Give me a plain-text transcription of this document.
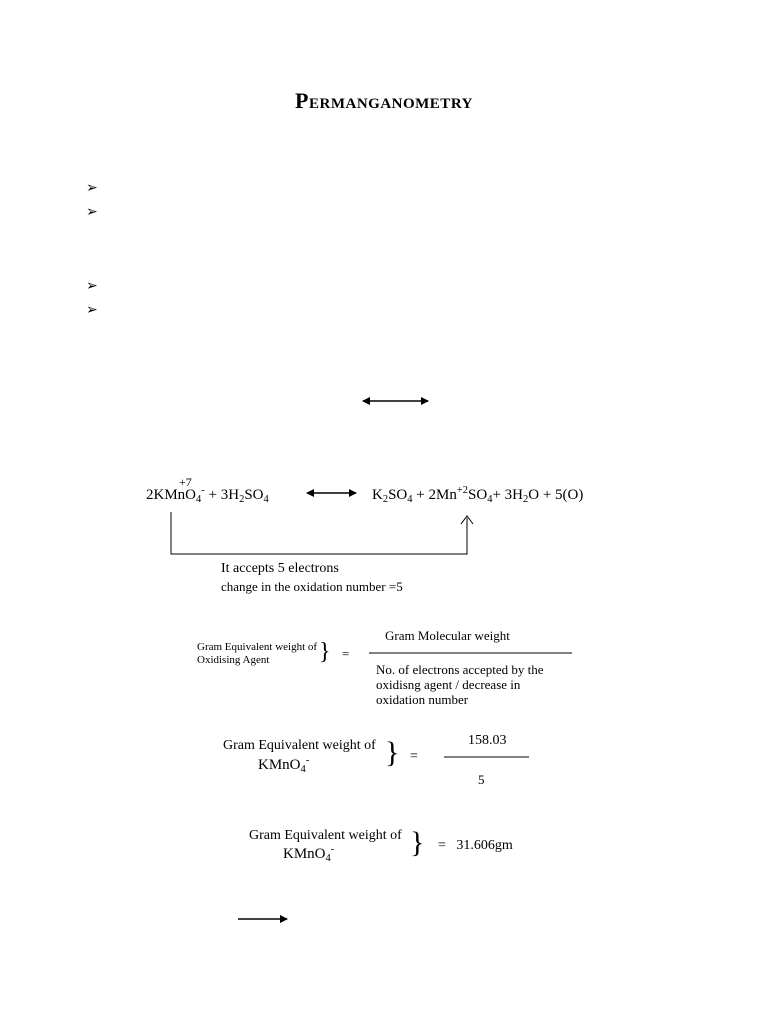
Permanganometry
➢
➢
➢
➢
+7
2KMnO$_4$- + $3H_2SO_4$	$K_2SO_4 + 2Mn^{+2}SO_4+ 3H_2O + 5(O)$
It accepts 5 electrons
change in the oxidation number =5
Gram Equivalent weight of
Oxidising Agent } =
Gram Molecular weight
No. of electrons accepted by the
oxidisng agent / decrease in
oxidation number
Gram Equivalent weight of
KMnO$_4$-	} =
158.03
5
Gram Equivalent weight of
KMnO$_4$-	} =   31.606gm
